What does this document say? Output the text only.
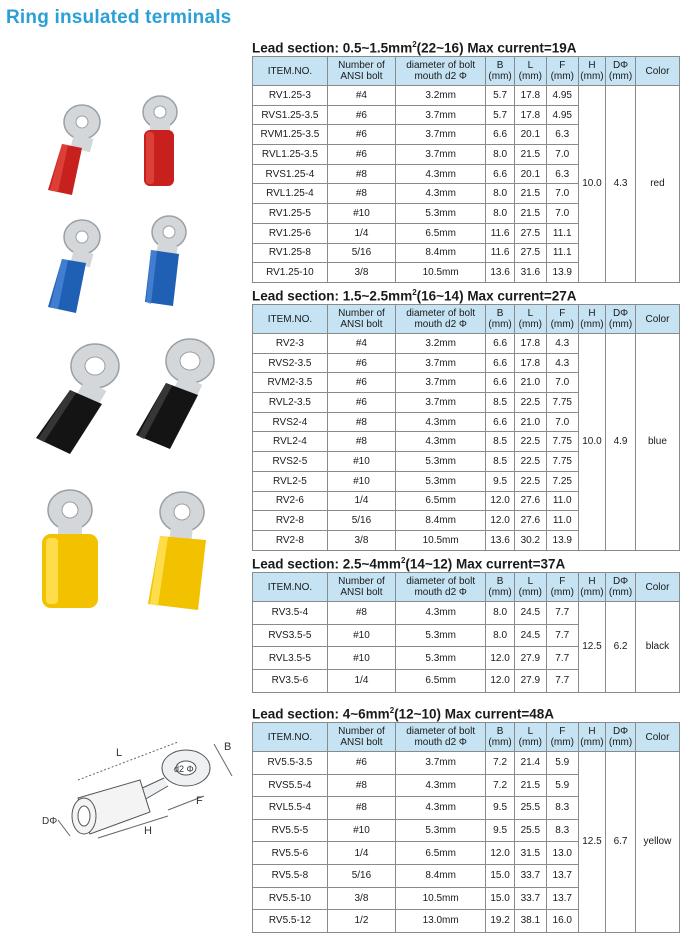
Ring insulated terminals
L	B
F
H
DΦ
d2 Φ
Lead section: $0.5\sim 1.5mm^2(22\sim 16)$ Max current=19A
ITEM.NO.	Number of ANSI bolt	diameter of bolt mouth d2 Φ	B (mm)	L (mm)	F (mm)	H (mm)	DΦ (mm)	Color
RV1.25-3	#4	3.2mm	5.7	17.8	4.95	10.0	4.3	red
RVS1.25-3.5	#6	3.7mm	5.7	17.8	4.95			
RVM1.25-3.5	#6	3.7mm	6.6	20.1	6.3			
RVL1.25-3.5	#6	3.7mm	8.0	21.5	7.0			
RVS1.25-4	#8	4.3mm	6.6	20.1	6.3			
RVL1.25-4	#8	4.3mm	8.0	21.5	7.0			
RV1.25-5	#10	5.3mm	8.0	21.5	7.0			
RV1.25-6	1/4	6.5mm	11.6	27.5	11.1			
RV1.25-8	5/16	8.4mm	11.6	27.5	11.1			
RV1.25-10	3/8	10.5mm	13.6	31.6	13.9			
Lead section: $1.5\sim 2.5mm^2(16\sim 14)$ Max current=27A
ITEM.NO.	Number of ANSI bolt	diameter of bolt mouth d2 Φ	B (mm)	L (mm)	F (mm)	H (mm)	DΦ (mm)	Color
RV2-3	#4	3.2mm	6.6	17.8	4.3	10.0	4.9	blue
RVS2-3.5	#6	3.7mm	6.6	17.8	4.3			
RVM2-3.5	#6	3.7mm	6.6	21.0	7.0			
RVL2-3.5	#6	3.7mm	8.5	22.5	7.75			
RVS2-4	#8	4.3mm	6.6	21.0	7.0			
RVL2-4	#8	4.3mm	8.5	22.5	7.75			
RVS2-5	#10	5.3mm	8.5	22.5	7.75			
RVL2-5	#10	5.3mm	9.5	22.5	7.25			
RV2-6	1/4	6.5mm	12.0	27.6	11.0			
RV2-8	5/16	8.4mm	12.0	27.6	11.0			
RV2-8	3/8	10.5mm	13.6	30.2	13.9			
Lead section: $2.5\sim 4mm^2(14\sim 12)$ Max current=37A
ITEM.NO.	Number of ANSI bolt	diameter of bolt mouth d2 Φ	B (mm)	L (mm)	F (mm)	H (mm)	DΦ (mm)	Color
RV3.5-4	#8	4.3mm	8.0	24.5	7.7	12.5	6.2	black
RVS3.5-5	#10	5.3mm	8.0	24.5	7.7			
RVL3.5-5	#10	5.3mm	12.0	27.9	7.7			
RV3.5-6	1/4	6.5mm	12.0	27.9	7.7			
Lead section: $4\sim 6mm^2(12\sim 10)$ Max current=48A
ITEM.NO.	Number of ANSI bolt	diameter of bolt mouth d2 Φ	B (mm)	L (mm)	F (mm)	H (mm)	DΦ (mm)	Color
RV5.5-3.5	#6	3.7mm	7.2	21.4	5.9	12.5	6.7	yellow
RVS5.5-4	#8	4.3mm	7.2	21.5	5.9			
RVL5.5-4	#8	4.3mm	9.5	25.5	8.3			
RV5.5-5	#10	5.3mm	9.5	25.5	8.3			
RV5.5-6	1/4	6.5mm	12.0	31.5	13.0			
RV5.5-8	5/16	8.4mm	15.0	33.7	13.7			
RV5.5-10	3/8	10.5mm	15.0	33.7	13.7			
RV5.5-12	1/2	13.0mm	19.2	38.1	16.0			
